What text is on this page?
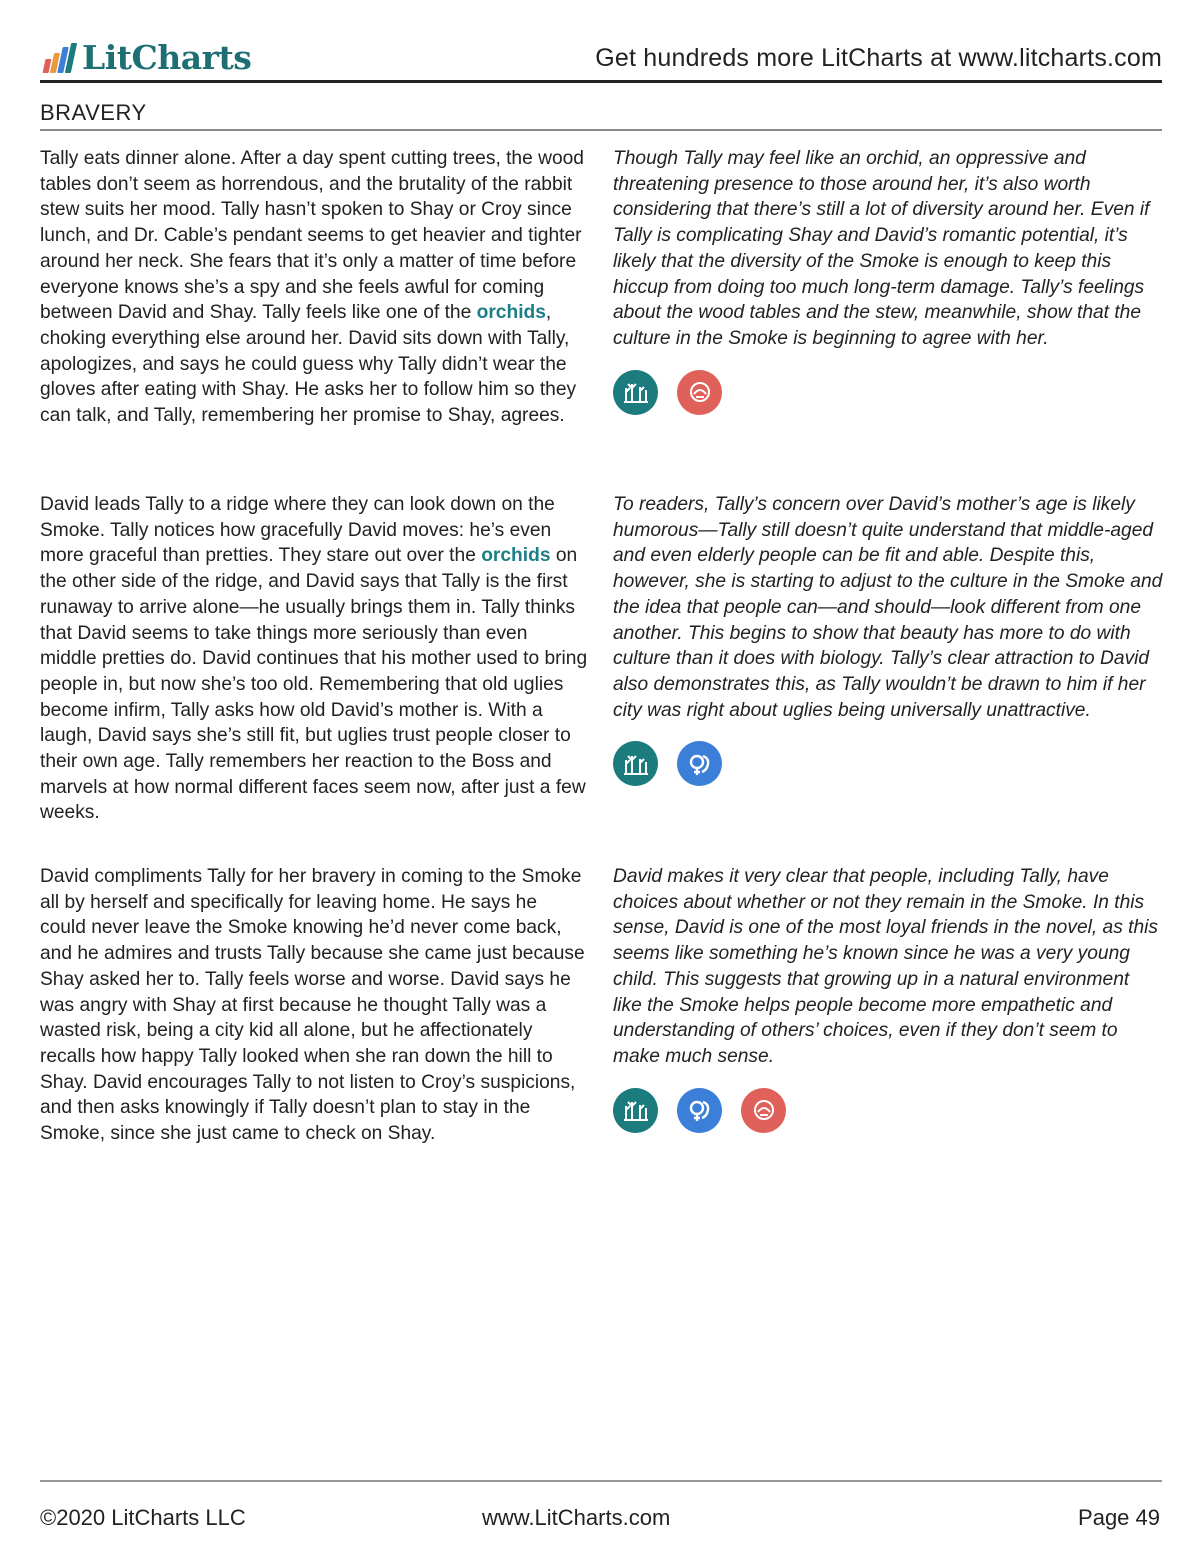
LitCharts	Get hundreds more LitCharts at www.litcharts.com
BRAVERY
Tally eats dinner alone. After a day spent cutting trees, the wood tables don’t seem as horrendous, and the brutality of the rabbit stew suits her mood. Tally hasn’t spoken to Shay or Croy since lunch, and Dr. Cable’s pendant seems to get heavier and tighter around her neck. She fears that it’s only a matter of time before everyone knows she’s a spy and she feels awful for coming between David and Shay. Tally feels like one of the orchids, choking everything else around her. David sits down with Tally, apologizes, and says he could guess why Tally didn’t wear the gloves after eating with Shay. He asks her to follow him so they can talk, and Tally, remembering her promise to Shay, agrees.
Though Tally may feel like an orchid, an oppressive and threatening presence to those around her, it’s also worth considering that there’s still a lot of diversity around her. Even if Tally is complicating Shay and David’s romantic potential, it’s likely that the diversity of the Smoke is enough to keep this hiccup from doing too much long-term damage. Tally’s feelings about the wood tables and the stew, meanwhile, show that the culture in the Smoke is beginning to agree with her.
David leads Tally to a ridge where they can look down on the Smoke. Tally notices how gracefully David moves: he’s even more graceful than pretties. They stare out over the orchids on the other side of the ridge, and David says that Tally is the first runaway to arrive alone—he usually brings them in. Tally thinks that David seems to take things more seriously than even middle pretties do. David continues that his mother used to bring people in, but now she’s too old. Remembering that old uglies become infirm, Tally asks how old David’s mother is. With a laugh, David says she’s still fit, but uglies trust people closer to their own age. Tally remembers her reaction to the Boss and marvels at how normal different faces seem now, after just a few weeks.
To readers, Tally’s concern over David’s mother’s age is likely humorous—Tally still doesn’t quite understand that middle-aged and even elderly people can be fit and able. Despite this, however, she is starting to adjust to the culture in the Smoke and the idea that people can—and should—look different from one another. This begins to show that beauty has more to do with culture than it does with biology. Tally’s clear attraction to David also demonstrates this, as Tally wouldn’t be drawn to him if her city was right about uglies being universally unattractive.
David compliments Tally for her bravery in coming to the Smoke all by herself and specifically for leaving home. He says he could never leave the Smoke knowing he’d never come back, and he admires and trusts Tally because she came just because Shay asked her to. Tally feels worse and worse. David says he was angry with Shay at first because he thought Tally was a wasted risk, being a city kid all alone, but he affectionately recalls how happy Tally looked when she ran down the hill to Shay. David encourages Tally to not listen to Croy’s suspicions, and then asks knowingly if Tally doesn’t plan to stay in the Smoke, since she just came to check on Shay.
David makes it very clear that people, including Tally, have choices about whether or not they remain in the Smoke. In this sense, David is one of the most loyal friends in the novel, as this seems like something he’s known since he was a very young child. This suggests that growing up in a natural environment like the Smoke helps people become more empathetic and understanding of others’ choices, even if they don’t seem to make much sense.
©2020 LitCharts LLC	www.LitCharts.com	Page 49
